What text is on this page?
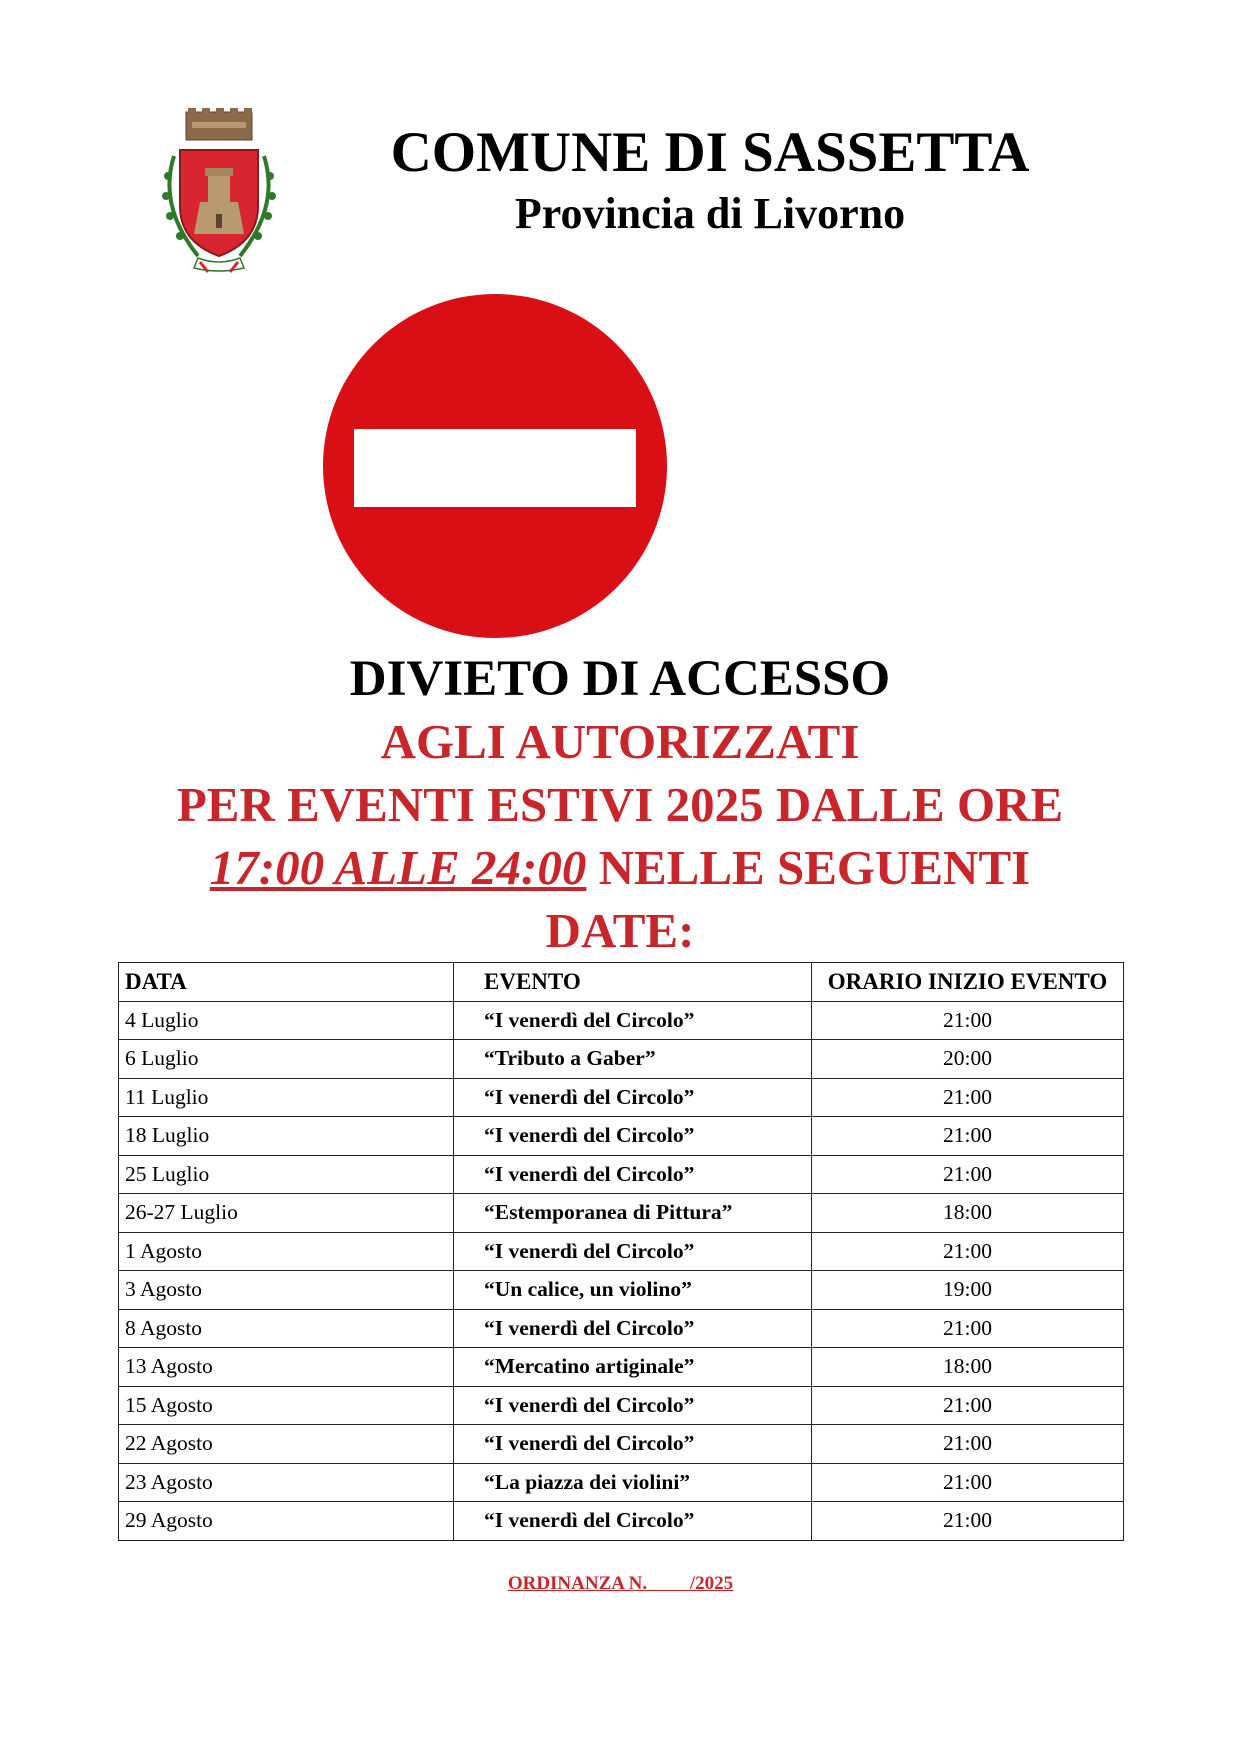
COMUNE DI SASSETTA

Provincia di Livorno

DIVIETO DI ACCESSO
AGLI AUTORIZZATI
PER EVENTI ESTIVI 2025 DALLE ORE
17:00 ALLE 24:00 NELLE SEGUENTI
DATE:
DATA	EVENTO	ORARIO INIZIO EVENTO
4 Luglio	“I venerdì del Circolo”	21:00
6 Luglio	“Tributo a Gaber”	20:00
11 Luglio	“I venerdì del Circolo”	21:00
18 Luglio	“I venerdì del Circolo”	21:00
25 Luglio	“I venerdì del Circolo”	21:00
26-27 Luglio	“Estemporanea di Pittura”	18:00
1 Agosto	“I venerdì del Circolo”	21:00
3 Agosto	“Un calice, un violino”	19:00
8 Agosto	“I venerdì del Circolo”	21:00
13 Agosto	“Mercatino artiginale”	18:00
15 Agosto	“I venerdì del Circolo”	21:00
22 Agosto	“I venerdì del Circolo”	21:00
23 Agosto	“La piazza dei violini”	21:00
29 Agosto	“I venerdì del Circolo”	21:00
ORDINANZA N.         /2025
